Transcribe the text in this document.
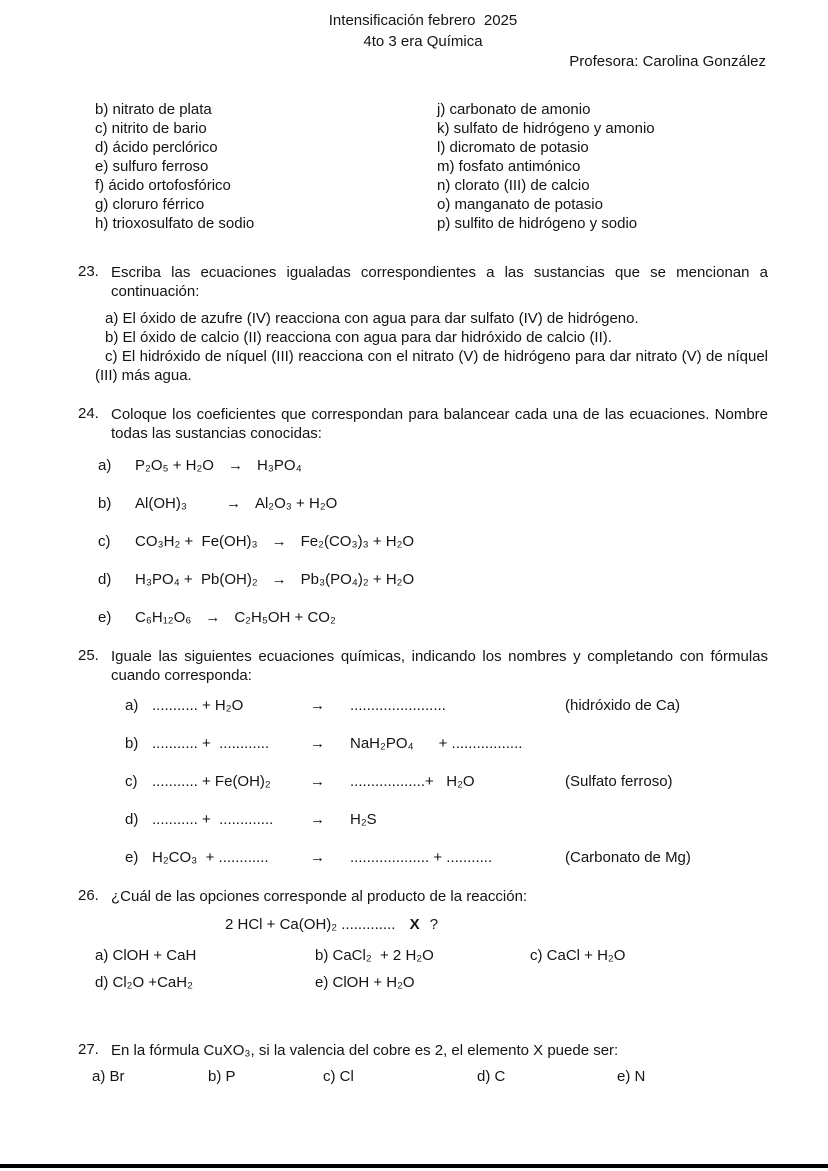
Intensificación febrero  2025
4to 3 era Química
Profesora: Carolina González
b) nitrato de plata
c) nitrito de bario
d) ácido perclórico
e) sulfuro ferroso
f) ácido ortofosfórico
g) cloruro férrico
h) trioxosulfato de sodio
j) carbonato de amonio
k) sulfato de hidrógeno y amonio
l) dicromato de potasio
m) fosfato antimónico
n) clorato (III) de calcio
o) manganato de potasio
p) sulfito de hidrógeno y sodio
23. Escriba las ecuaciones igualadas correspondientes a las sustancias que se mencionan a continuación:

a) El óxido de azufre (IV) reacciona con agua para dar sulfato (IV) de hidrógeno.

b) El óxido de calcio (II) reacciona con agua para dar hidróxido de calcio (II).

c) El hidróxido de níquel (III) reacciona con el nitrato (V) de hidrógeno para dar nitrato (V) de níquel (III) más agua.

24. Coloque los coeficientes que correspondan para balancear cada una de las ecuaciones. Nombre todas las sustancias conocidas:
a)	P₂O₅ + H₂O → H₃PO₄
b)	Al(OH)₃ → Al₂O₃ + H₂O
c)	CO₃H₂ +  Fe(OH)₃ → Fe₂(CO₃)₃ + H₂O
d)	H₃PO₄ +  Pb(OH)₂ → Pb₃(PO₄)₂ + H₂O
e)	C₆H₁₂O₆ → C₂H₅OH + CO₂
25. Iguale las siguientes ecuaciones químicas, indicando los nombres y completando con fórmulas cuando corresponda:
a) ........... + H₂O	→	.......................	(hidróxido de Ca)
b) ........... +  ............	→	NaH₂PO₄      + .................
c) ........... + Fe(OH)₂	→	..................+   H₂O	(Sulfato ferroso)
d) ........... +  .............	→	H₂S
e) H₂CO₃  + ............	→	................... + ...........	(Carbonato de Mg)
26. ¿Cuál de las opciones corresponde al producto de la reacción:
2 HCl + Ca(OH)₂ ............. X ?
a) ClOH + CaH	b) CaCl₂  + 2 H₂O	c) CaCl + H₂O
d) Cl₂O +CaH₂	e) ClOH + H₂O
27. En la fórmula CuXO₃, si la valencia del cobre es 2, el elemento X puede ser:
a) Br	b) P	c) Cl	d) C	e) N
